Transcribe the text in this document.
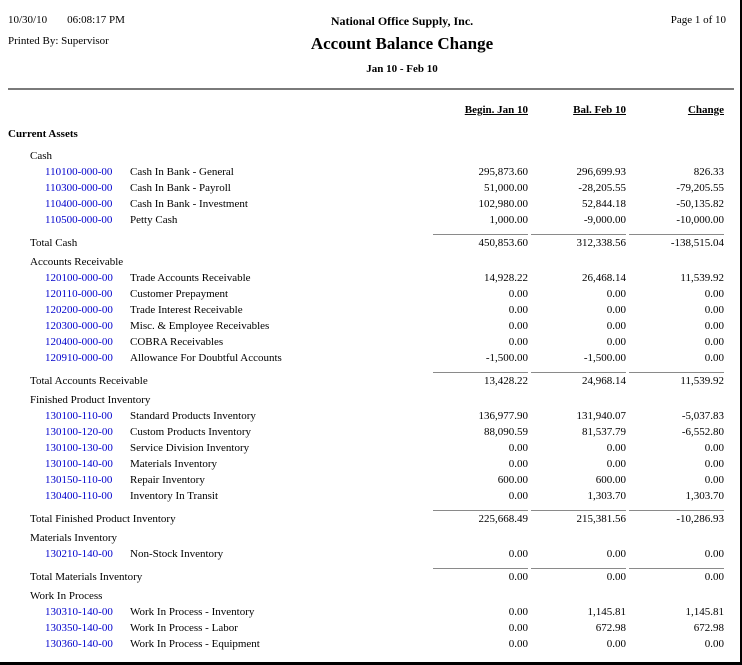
10/30/10 06:08:17 PM
Printed By: Supervisor
National Office Supply, Inc.
Account Balance Change
Jan 10 - Feb 10
Page 1 of 10
Begin. Jan 10	Bal. Feb 10	Change
Current Assets
Cash
110100-000-00 Cash In Bank - General	295,873.60	296,699.93	826.33
110300-000-00 Cash In Bank - Payroll	51,000.00	-28,205.55	-79,205.55
110400-000-00 Cash In Bank - Investment	102,980.00	52,844.18	-50,135.82
110500-000-00 Petty Cash	1,000.00	-9,000.00	-10,000.00
Total Cash	450,853.60	312,338.56	-138,515.04
Accounts Receivable
120100-000-00 Trade Accounts Receivable	14,928.22	26,468.14	11,539.92
120110-000-00 Customer Prepayment	0.00	0.00	0.00
120200-000-00 Trade Interest Receivable	0.00	0.00	0.00
120300-000-00 Misc. & Employee Receivables	0.00	0.00	0.00
120400-000-00 COBRA Receivables	0.00	0.00	0.00
120910-000-00 Allowance For Doubtful Accounts	-1,500.00	-1,500.00	0.00
Total Accounts Receivable	13,428.22	24,968.14	11,539.92
Finished Product Inventory
130100-110-00 Standard Products Inventory	136,977.90	131,940.07	-5,037.83
130100-120-00 Custom Products Inventory	88,090.59	81,537.79	-6,552.80
130100-130-00 Service Division Inventory	0.00	0.00	0.00
130100-140-00 Materials Inventory	0.00	0.00	0.00
130150-110-00 Repair Inventory	600.00	600.00	0.00
130400-110-00 Inventory In Transit	0.00	1,303.70	1,303.70
Total Finished Product Inventory	225,668.49	215,381.56	-10,286.93
Materials Inventory
130210-140-00 Non-Stock Inventory	0.00	0.00	0.00
Total Materials Inventory	0.00	0.00	0.00
Work In Process
130310-140-00 Work In Process - Inventory	0.00	1,145.81	1,145.81
130350-140-00 Work In Process - Labor	0.00	672.98	672.98
130360-140-00 Work In Process - Equipment	0.00	0.00	0.00
